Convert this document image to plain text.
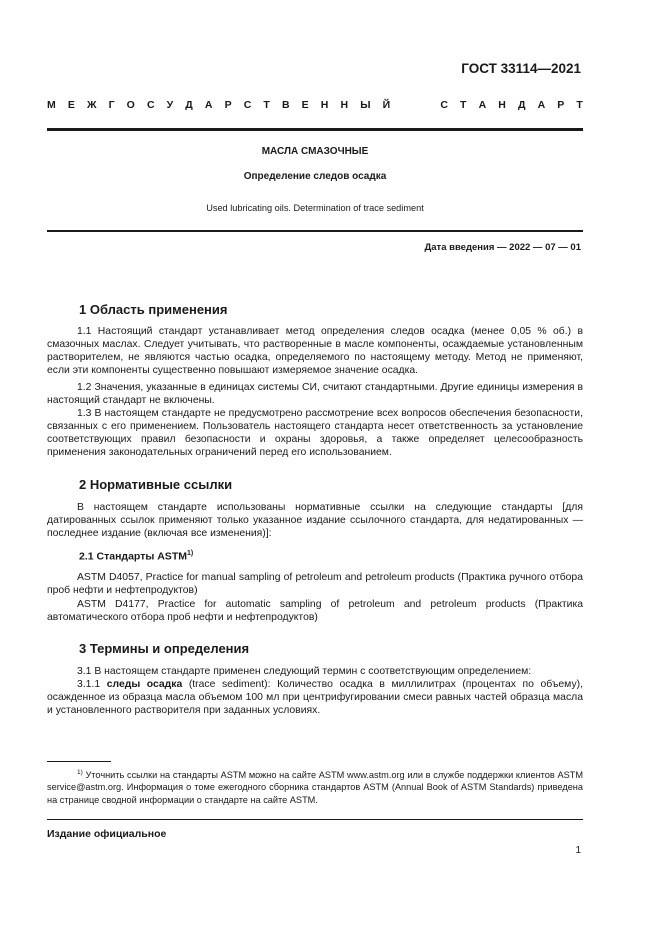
ГОСТ 33114—2021
М Е Ж Г О С У Д А Р С Т В Е Н Н Ы Й	С Т А Н Д А Р Т
МАСЛА СМАЗОЧНЫЕ
Определение следов осадка
Used lubricating oils. Determination of trace sediment
Дата введения — 2022 — 07 — 01
1 Область применения

1.1 Настоящий стандарт устанавливает метод определения следов осадка (менее 0,05 % об.) в смазочных маслах. Следует учитывать, что растворенные в масле компоненты, осаждаемые установленным растворителем, не являются частью осадка, определяемого по настоящему методу. Метод не применяют, если эти компоненты существенно повышают измеряемое значение осадка.

1.2 Значения, указанные в единицах системы СИ, считают стандартными. Другие единицы измерения в настоящий стандарт не включены.

1.3 В настоящем стандарте не предусмотрено рассмотрение всех вопросов обеспечения безопасности, связанных с его применением. Пользователь настоящего стандарта несет ответственность за установление соответствующих правил безопасности и охраны здоровья, а также определяет целесообразность применения законодательных ограничений перед его использованием.

2 Нормативные ссылки

В настоящем стандарте использованы нормативные ссылки на следующие стандарты [для датированных ссылок применяют только указанное издание ссылочного стандарта, для недатированных — последнее издание (включая все изменения)]:

2.1 Стандарты ASTM$^{1)}$

ASTM D4057, Practice for manual sampling of petroleum and petroleum products (Практика ручного отбора проб нефти и нефтепродуктов)

ASTM D4177, Practice for automatic sampling of petroleum and petroleum products (Практика автоматического отбора проб нефти и нефтепродуктов)

3 Термины и определения

3.1 В настоящем стандарте применен следующий термин с соответствующим определением:

3.1.1 следы осадка (trace sediment): Количество осадка в миллилитрах (процентах по объему), осажденное из образца масла объемом 100 мл при центрифугировании смеси равных частей образца масла и установленного растворителя при заданных условиях.

$^{1)}$ Уточнить ссылки на стандарты ASTM можно на сайте ASTM www.astm.org или в службе поддержки клиентов ASTM service@astm.org. Информация о томе ежегодного сборника стандартов ASTM (Annual Book of ASTM Standards) приведена на странице сводной информации о стандарте на сайте ASTM.

Издание официальное
1
